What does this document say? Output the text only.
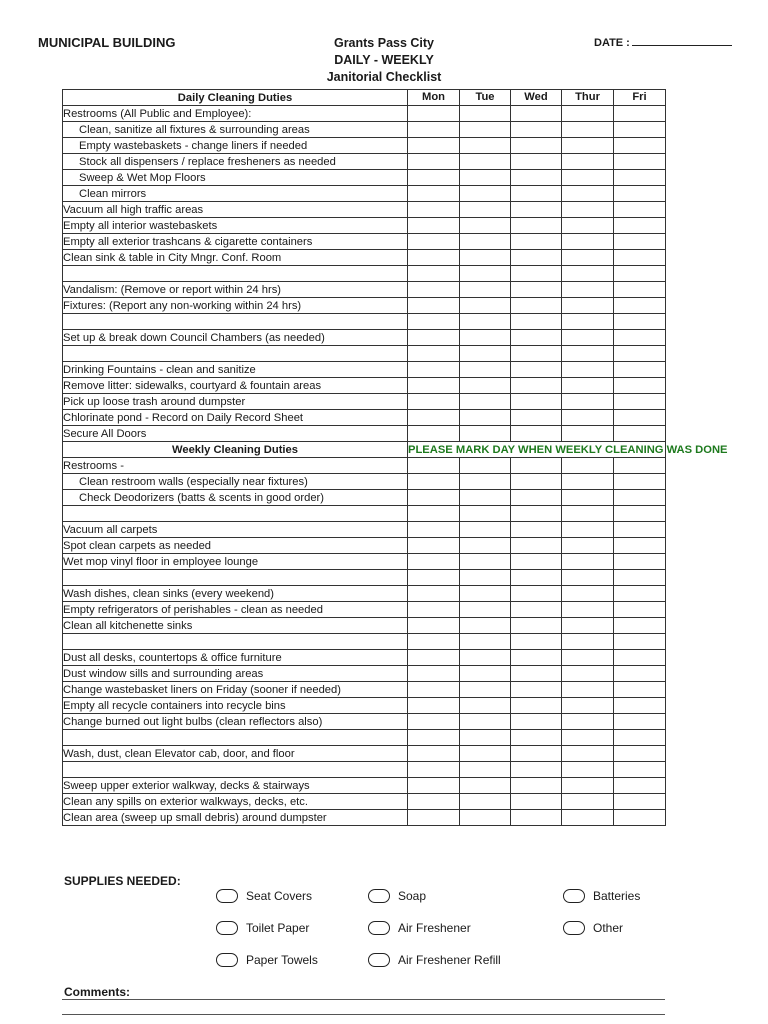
MUNICIPAL BUILDING	Grants Pass City
DAILY - WEEKLY
Janitorial Checklist
DATE :
Daily Cleaning Duties	Mon	Tue	Wed	Thur	Fri
Restrooms (All Public and Employee):					
Clean, sanitize all fixtures & surrounding areas					
Empty wastebaskets - change liners if needed					
Stock all dispensers / replace fresheners as needed					
Sweep & Wet Mop Floors					
Clean mirrors					
Vacuum all high traffic areas					
Empty all interior wastebaskets					
Empty all exterior trashcans & cigarette containers					
Clean sink & table in City Mngr. Conf. Room					

Vandalism: (Remove or report within 24 hrs)					
Fixtures: (Report any non-working within 24 hrs)					

Set up & break down Council Chambers (as needed)					

Drinking Fountains - clean and sanitize					
Remove litter: sidewalks, courtyard & fountain areas					
Pick up loose trash around dumpster					
Chlorinate pond - Record on Daily Record Sheet					
Secure All Doors					
Weekly Cleaning Duties	PLEASE MARK DAY WHEN WEEKLY CLEANING WAS DONE				
Restrooms -					
Clean restroom walls (especially near fixtures)					
Check Deodorizers (batts & scents in good order)					

Vacuum all carpets					
Spot clean carpets as needed					
Wet mop vinyl floor in employee lounge					

Wash dishes, clean sinks (every weekend)					
Empty refrigerators of perishables - clean as needed					
Clean all kitchenette sinks					

Dust all desks, countertops & office furniture					
Dust window sills and surrounding areas					
Change wastebasket liners on Friday (sooner if needed)					
Empty all recycle containers into recycle bins					
Change burned out light bulbs (clean reflectors also)					

Wash, dust, clean Elevator cab, door, and floor					

Sweep upper exterior walkway, decks & stairways					
Clean any spills on exterior walkways, decks, etc.					
Clean area (sweep up small debris) around dumpster					
SUPPLIES NEEDED:
Seat Covers
Toilet Paper
Paper Towels
Soap
Air Freshener
Air Freshener Refill
Batteries
Other
Comments:
